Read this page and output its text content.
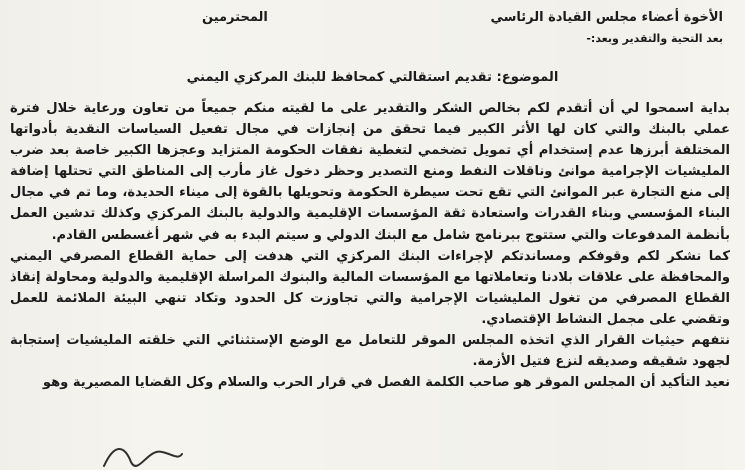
المحترمين	الأخوة أعضاء مجلس القيادة الرئاسي
بعد التحية والتقدير وبعد:-
الموضوع: تقديم استقالتي كمحافظ للبنك المركزي اليمني

بداية اسمحوا لي أن أتقدم لكم بخالص الشكر والتقدير على ما لقيته منكم جميعاً من تعاون ورعاية خلال فترة عملي بالبنك والتي كان لها الأثر الكبير فيما تحقق من إنجازات في مجال تفعيل السياسات النقدية بأدواتها المختلفة أبرزها عدم إستخدام أي تمويل تضخمي لتغطية نفقات الحكومة المتزايد وعجزها الكبير خاصة بعد ضرب المليشيات الإجرامية موانئ وناقلات النفط ومنع التصدير وحظر دخول غاز مأرب إلى المناطق التي تحتلها إضافة إلى منع التجارة عبر الموانئ التي تقع تحت سيطرة الحكومة وتحويلها بالقوة إلى ميناء الحديدة، وما تم في مجال البناء المؤسسي وبناء القدرات واستعادة ثقة المؤسسات الإقليمية والدولية بالبنك المركزي وكذلك تدشين العمل بأنظمة المدفوعات والتي ستتوج ببرنامج شامل مع البنك الدولي و سيتم البدء به في شهر أغسطس القادم.

كما نشكر لكم وقوفكم ومساندتكم لإجراءات البنك المركزي التي هدفت إلى حماية القطاع المصرفي اليمني والمحافظة على علاقات بلادنا وتعاملاتها مع المؤسسات المالية والبنوك المراسلة الإقليمية والدولية ومحاولة إنقاذ القطاع المصرفي من تغول المليشيات الإجرامية والتي تجاوزت كل الحدود وتكاد تنهي البيئة الملائمة للعمل وتقضي على مجمل النشاط الإقتصادي.

نتفهم حيثيات القرار الذي اتخذه المجلس الموقر للتعامل مع الوضع الإستثنائي التي خلقته المليشيات إستجابة لجهود شقيقه وصديقه لنزع فتيل الأزمة.

نعيد التأكيد أن المجلس الموقر هو صاحب الكلمة الفصل في قرار الحرب والسلام وكل القضايا المصيرية وهو
